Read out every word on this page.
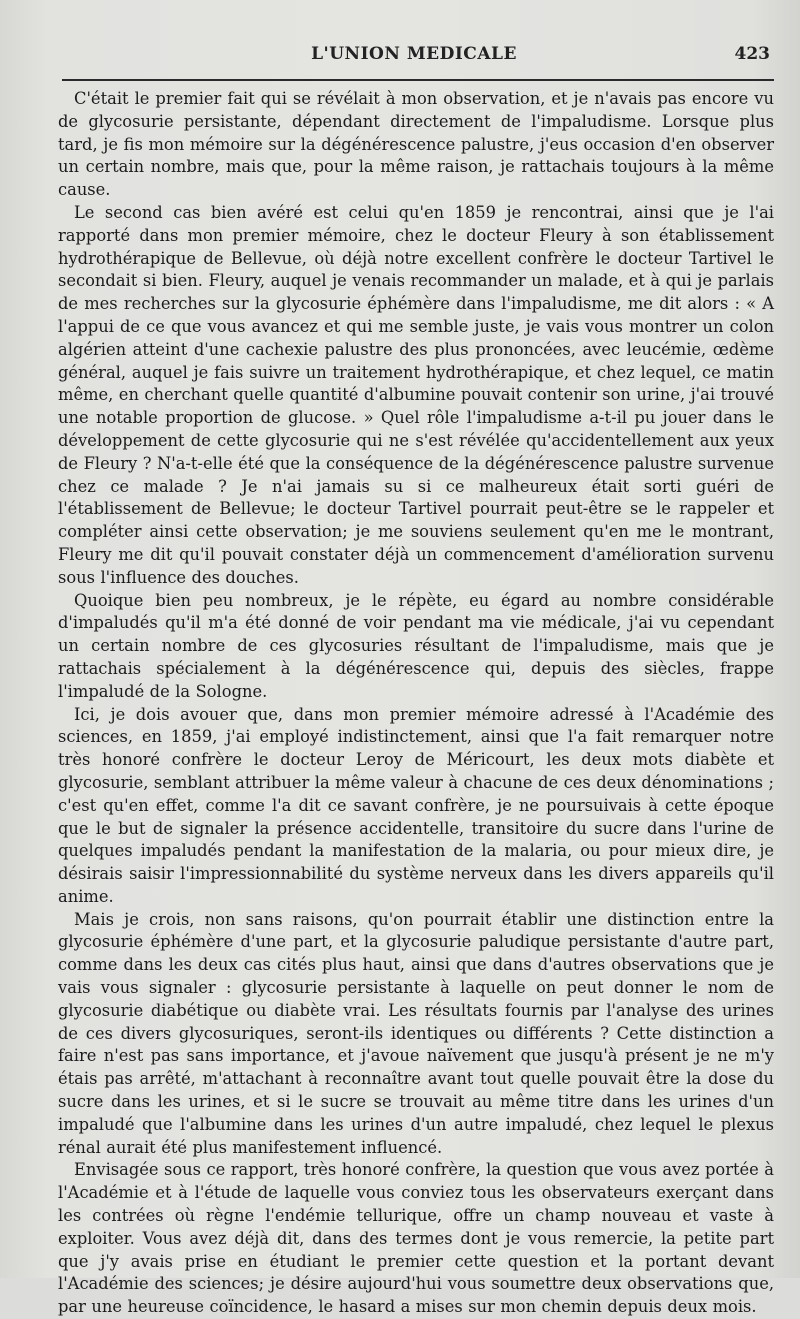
L'UNION MEDICALE	423

C'était le premier fait qui se révélait à mon observation, et je n'avais pas encore vu de glycosurie persistante, dépendant directement de l'impaludisme. Lorsque plus tard, je fis mon mémoire sur la dégénérescence palustre, j'eus occasion d'en observer un certain nombre, mais que, pour la même raison, je rattachais toujours à la même cause.

Le second cas bien avéré est celui qu'en 1859 je rencontrai, ainsi que je l'ai rapporté dans mon premier mémoire, chez le docteur Fleury à son établissement hydrothérapique de Bellevue, où déjà notre excellent confrère le docteur Tartivel le secondait si bien. Fleury, auquel je venais recommander un malade, et à qui je parlais de mes recherches sur la glycosurie éphémère dans l'impaludisme, me dit alors : « A l'appui de ce que vous avancez et qui me semble juste, je vais vous montrer un colon algérien atteint d'une cachexie palustre des plus prononcées, avec leucémie, œdème général, auquel je fais suivre un traitement hydrothérapique, et chez lequel, ce matin même, en cherchant quelle quantité d'albumine pouvait contenir son urine, j'ai trouvé une notable proportion de glucose. » Quel rôle l'impaludisme a-t-il pu jouer dans le développement de cette glycosurie qui ne s'est révélée qu'accidentellement aux yeux de Fleury ? N'a-t-elle été que la conséquence de la dégénérescence palustre survenue chez ce malade ? Je n'ai jamais su si ce malheureux était sorti guéri de l'établissement de Bellevue; le docteur Tartivel pourrait peut-être se le rappeler et compléter ainsi cette observation; je me souviens seulement qu'en me le montrant, Fleury me dit qu'il pouvait constater déjà un commencement d'amélioration survenu sous l'influence des douches.

Quoique bien peu nombreux, je le répète, eu égard au nombre considérable d'impaludés qu'il m'a été donné de voir pendant ma vie médicale, j'ai vu cependant un certain nombre de ces glycosuries résultant de l'impaludisme, mais que je rattachais spécialement à la dégénérescence qui, depuis des siècles, frappe l'impaludé de la Sologne.

Ici, je dois avouer que, dans mon premier mémoire adressé à l'Académie des sciences, en 1859, j'ai employé indistinctement, ainsi que l'a fait remarquer notre très honoré confrère le docteur Leroy de Méricourt, les deux mots diabète et glycosurie, semblant attribuer la même valeur à chacune de ces deux dénominations ; c'est qu'en effet, comme l'a dit ce savant confrère, je ne poursuivais à cette époque que le but de signaler la présence accidentelle, transitoire du sucre dans l'urine de quelques impaludés pendant la manifestation de la malaria, ou pour mieux dire, je désirais saisir l'impressionnabilité du système nerveux dans les divers appareils qu'il anime.

Mais je crois, non sans raisons, qu'on pourrait établir une distinction entre la glycosurie éphémère d'une part, et la glycosurie paludique persistante d'autre part, comme dans les deux cas cités plus haut, ainsi que dans d'autres observations que je vais vous signaler : glycosurie persistante à laquelle on peut donner le nom de glycosurie diabétique ou diabète vrai. Les résultats fournis par l'analyse des urines de ces divers glycosuriques, seront-ils identiques ou différents ? Cette distinction a faire n'est pas sans importance, et j'avoue naïvement que jusqu'à présent je ne m'y étais pas arrêté, m'attachant à reconnaître avant tout quelle pouvait être la dose du sucre dans les urines, et si le sucre se trouvait au même titre dans les urines d'un impaludé que l'albumine dans les urines d'un autre impaludé, chez lequel le plexus rénal aurait été plus manifestement influencé.

Envisagée sous ce rapport, très honoré confrère, la question que vous avez portée à l'Académie et à l'étude de laquelle vous conviez tous les observateurs exerçant dans les contrées où règne l'endémie tellurique, offre un champ nouveau et vaste à exploiter. Vous avez déjà dit, dans des termes dont je vous remercie, la petite part que j'y avais prise en étudiant le premier cette question et la portant devant l'Académie des sciences; je désire aujourd'hui vous soumettre deux observations que, par une heureuse coïncidence, le hasard a mises sur mon chemin depuis deux mois.
